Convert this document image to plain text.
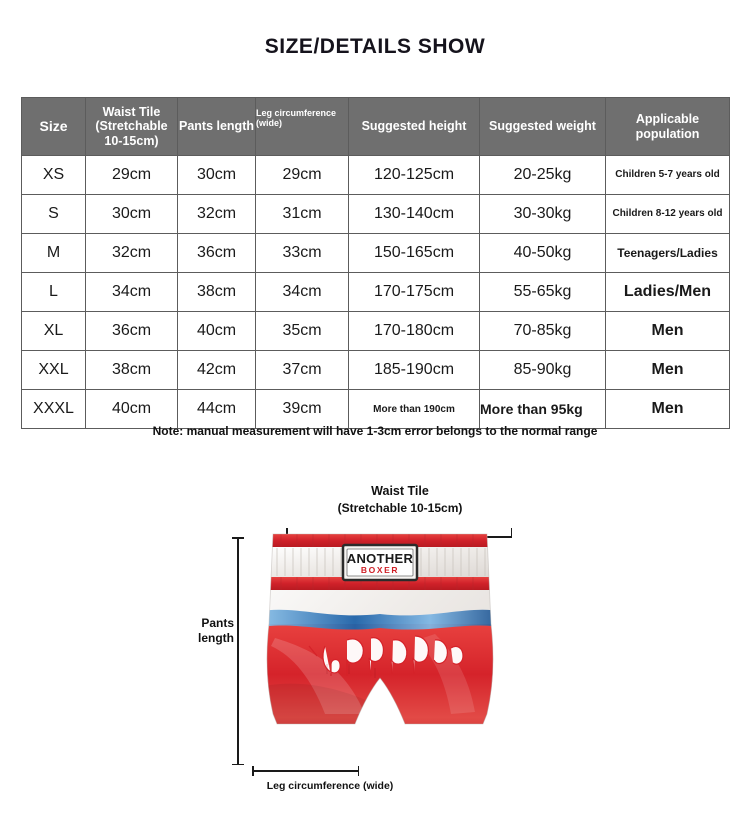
SIZE/DETAILS SHOW
Size	Waist Tile (Stretchable 10-15cm)	Pants length	Leg circumference (wide)	Suggested height	Suggested weight	Applicable population
XS	29cm	30cm	29cm	120-125cm	20-25kg	Children 5-7 years old
S	30cm	32cm	31cm	130-140cm	30-30kg	Children 8-12 years old
M	32cm	36cm	33cm	150-165cm	40-50kg	Teenagers/Ladies
L	34cm	38cm	34cm	170-175cm	55-65kg	Ladies/Men
XL	36cm	40cm	35cm	170-180cm	70-85kg	Men
XXL	38cm	42cm	37cm	185-190cm	85-90kg	Men
XXXL	40cm	44cm	39cm	More than 190cm	More than 95kg	Men
Note: manual measurement will have 1-3cm error belongs to the normal range
Waist Tile
(Stretchable 10-15cm)
Pants
length
ANOTHER
BOXER
Leg circumference (wide)
